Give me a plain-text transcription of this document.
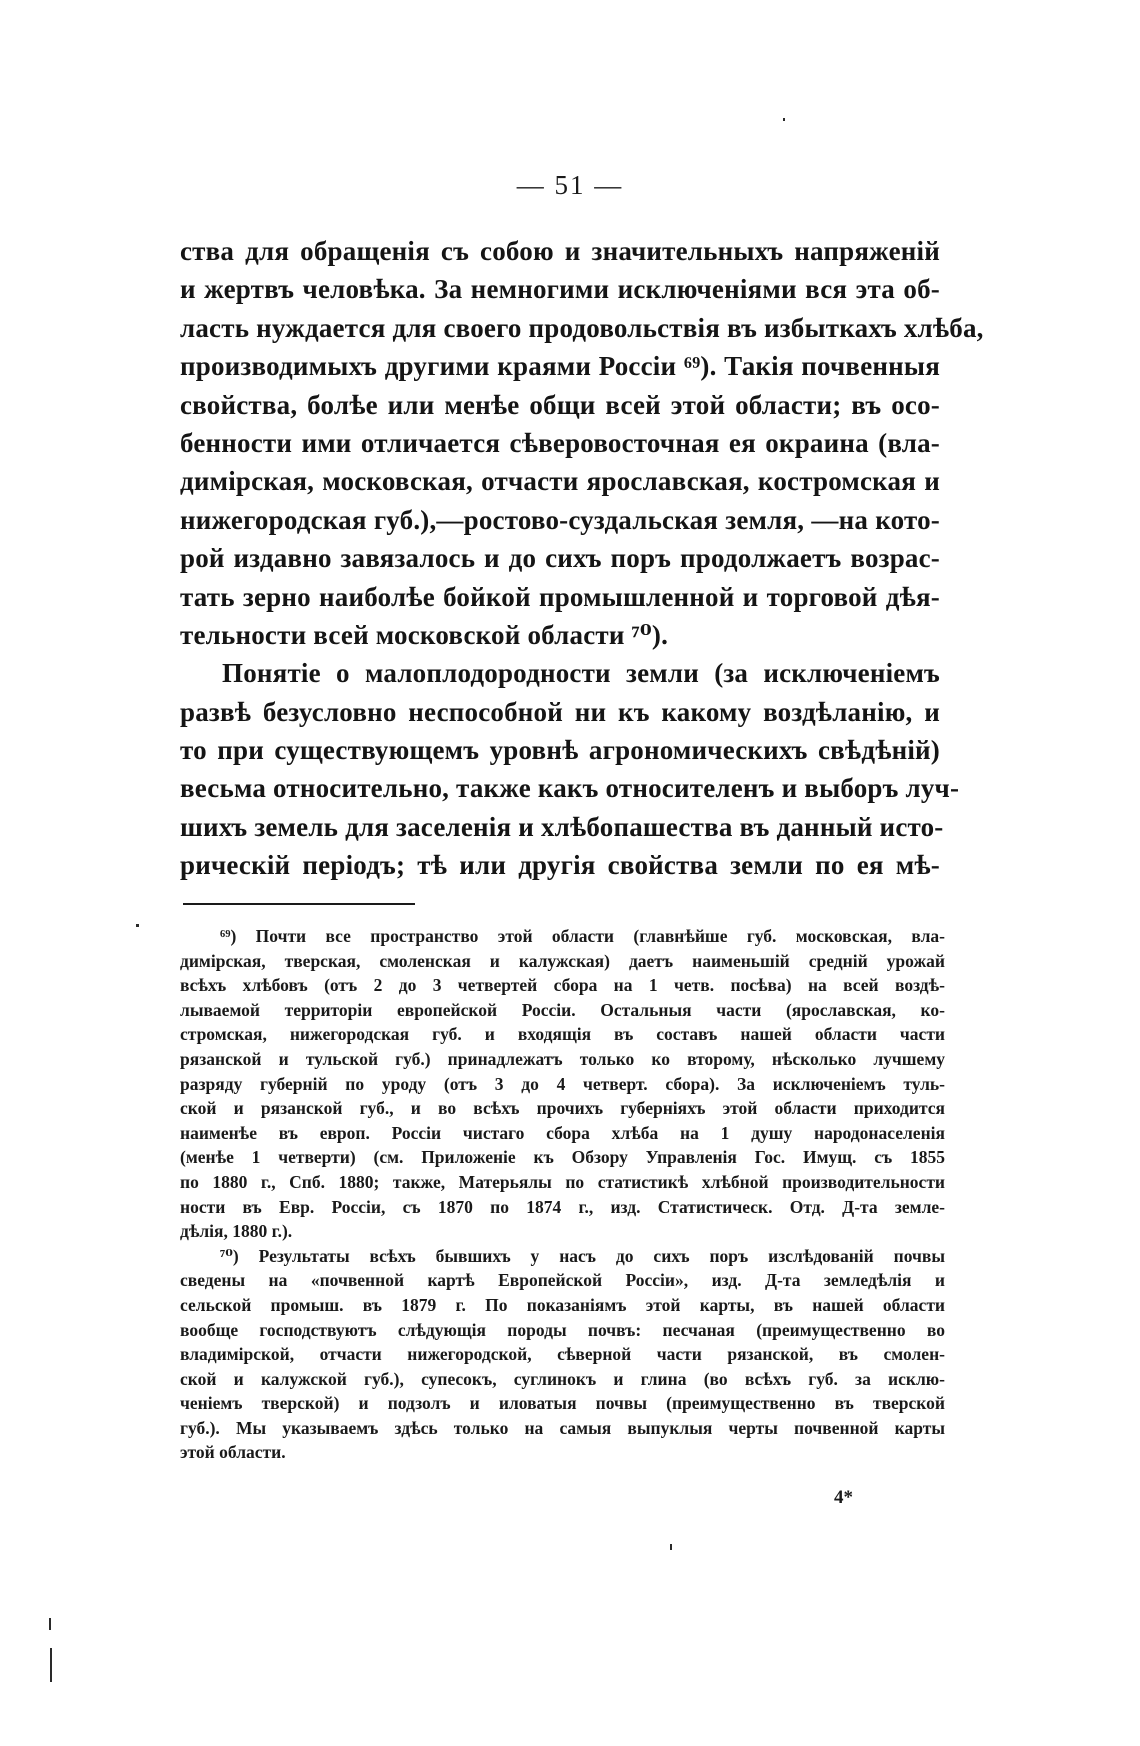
— 51 —
ства для обращенія съ собою и значительныхъ напряженій
и жертвъ человѣка. За немногими исключеніями вся эта об-
ласть нуждается для своего продовольствія въ избыткахъ хлѣба,
производимыхъ другими краями Россіи ⁶⁹). Такія почвенныя
свойства, болѣе или менѣе общи всей этой области; въ осо-
бенности ими отличается сѣверовосточная ея окраина (вла-
димірская, московская, отчасти ярославская, костромская и
нижегородская губ.),—ростово-суздальская земля, —на кото-
рой издавно завязалось и до сихъ поръ продолжаетъ возрас-
тать зерно наиболѣе бойкой промышленной и торговой дѣя-
тельности всей московской области ⁷⁰).
Понятіе о малоплодородности земли (за исключеніемъ
развѣ безусловно неспособной ни къ какому воздѣланію, и
то при существующемъ уровнѣ агрономическихъ свѣдѣній)
весьма относительно, также какъ относителенъ и выборъ луч-
шихъ земель для заселенія и хлѣбопашества въ данный исто-
рическій періодъ; тѣ или другія свойства земли по ея мѣ-
⁶⁹) Почти все пространство этой области (главнѣйше губ. московская, вла-
димірская, тверская, смоленская и калужская) даетъ наименьшій средній урожай
всѣхъ хлѣбовъ (отъ 2 до 3 четвертей сбора на 1 четв. посѣва) на всей воздѣ-
лываемой территоріи европейской Россіи. Остальныя части (ярославская, ко-
стромская, нижегородская губ. и входящія въ составъ нашей области части
рязанской и тульской губ.) принадлежатъ только ко второму, нѣсколько лучшему
разряду губерній по уроду (отъ 3 до 4 четверт. сбора). За исключеніемъ туль-
ской и рязанской губ., и во всѣхъ прочихъ губерніяхъ этой области приходится
наименѣе въ европ. Россіи чистаго сбора хлѣба на 1 душу народонаселенія
(менѣе 1 четверти) (см. Приложеніе къ Обзору Управленія Гос. Имущ. съ 1855
по 1880 г., Спб. 1880; также, Матерьялы по статистикѣ хлѣбной производительности
ности въ Евр. Россіи, съ 1870 по 1874 г., изд. Статистическ. Отд. Д-та земле-
дѣлія, 1880 г.).
⁷⁰) Результаты всѣхъ бывшихъ у насъ до сихъ поръ изслѣдованій почвы
сведены на «почвенной картѣ Европейской Россіи», изд. Д-та земледѣлія и
сельской промыш. въ 1879 г. По показаніямъ этой карты, въ нашей области
вообще господствуютъ слѣдующія породы почвъ: песчаная (преимущественно во
владимірской, отчасти нижегородской, сѣверной части рязанской, въ смолен-
ской и калужской губ.), супесокъ, суглинокъ и глина (во всѣхъ губ. за исклю-
ченіемъ тверской) и подзолъ и иловатыя почвы (преимущественно въ тверской
губ.). Мы указываемъ здѣсь только на самыя выпуклыя черты почвенной карты
этой области.
4*
